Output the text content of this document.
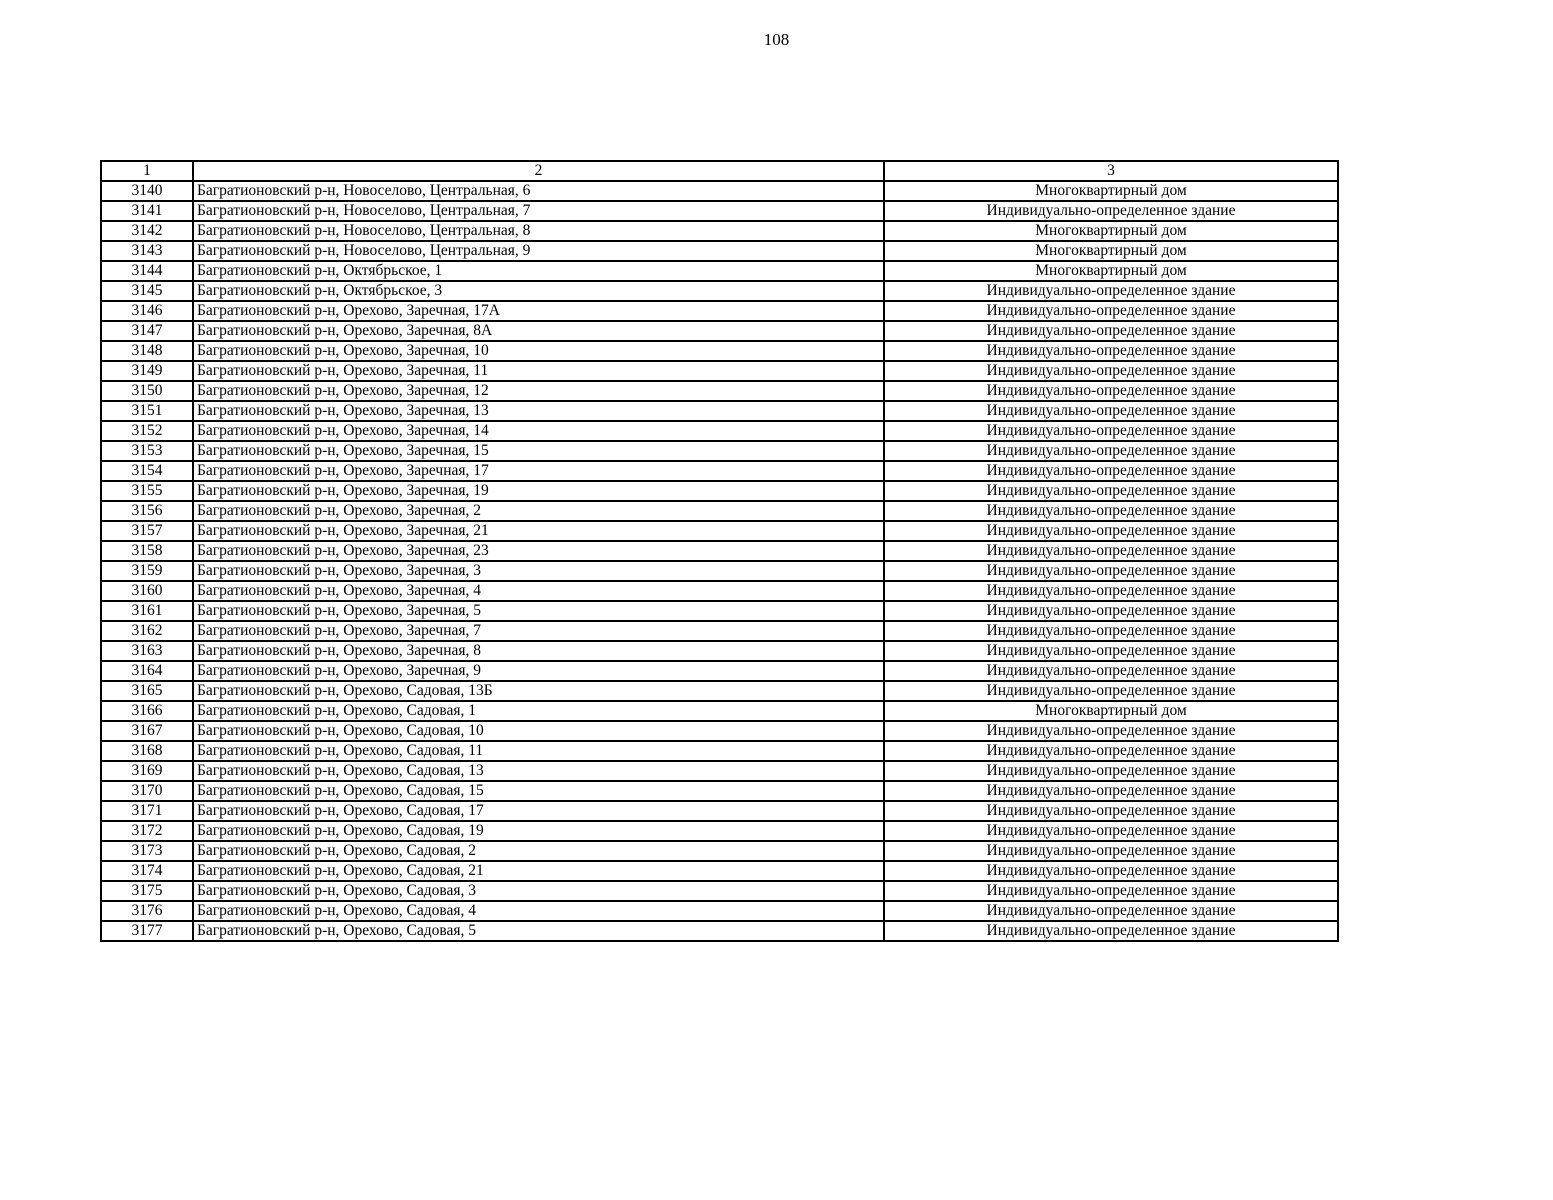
108
1	2	3
3140	Багратионовский р-н, Новоселово, Центральная, 6	Многоквартирный дом
3141	Багратионовский р-н, Новоселово, Центральная, 7	Индивидуально-определенное здание
3142	Багратионовский р-н, Новоселово, Центральная, 8	Многоквартирный дом
3143	Багратионовский р-н, Новоселово, Центральная, 9	Многоквартирный дом
3144	Багратионовский р-н, Октябрьское, 1	Многоквартирный дом
3145	Багратионовский р-н, Октябрьское, 3	Индивидуально-определенное здание
3146	Багратионовский р-н, Орехово, Заречная, 17А	Индивидуально-определенное здание
3147	Багратионовский р-н, Орехово, Заречная, 8А	Индивидуально-определенное здание
3148	Багратионовский р-н, Орехово, Заречная, 10	Индивидуально-определенное здание
3149	Багратионовский р-н, Орехово, Заречная, 11	Индивидуально-определенное здание
3150	Багратионовский р-н, Орехово, Заречная, 12	Индивидуально-определенное здание
3151	Багратионовский р-н, Орехово, Заречная, 13	Индивидуально-определенное здание
3152	Багратионовский р-н, Орехово, Заречная, 14	Индивидуально-определенное здание
3153	Багратионовский р-н, Орехово, Заречная, 15	Индивидуально-определенное здание
3154	Багратионовский р-н, Орехово, Заречная, 17	Индивидуально-определенное здание
3155	Багратионовский р-н, Орехово, Заречная, 19	Индивидуально-определенное здание
3156	Багратионовский р-н, Орехово, Заречная, 2	Индивидуально-определенное здание
3157	Багратионовский р-н, Орехово, Заречная, 21	Индивидуально-определенное здание
3158	Багратионовский р-н, Орехово, Заречная, 23	Индивидуально-определенное здание
3159	Багратионовский р-н, Орехово, Заречная, 3	Индивидуально-определенное здание
3160	Багратионовский р-н, Орехово, Заречная, 4	Индивидуально-определенное здание
3161	Багратионовский р-н, Орехово, Заречная, 5	Индивидуально-определенное здание
3162	Багратионовский р-н, Орехово, Заречная, 7	Индивидуально-определенное здание
3163	Багратионовский р-н, Орехово, Заречная, 8	Индивидуально-определенное здание
3164	Багратионовский р-н, Орехово, Заречная, 9	Индивидуально-определенное здание
3165	Багратионовский р-н, Орехово, Садовая, 13Б	Индивидуально-определенное здание
3166	Багратионовский р-н, Орехово, Садовая, 1	Многоквартирный дом
3167	Багратионовский р-н, Орехово, Садовая, 10	Индивидуально-определенное здание
3168	Багратионовский р-н, Орехово, Садовая, 11	Индивидуально-определенное здание
3169	Багратионовский р-н, Орехово, Садовая, 13	Индивидуально-определенное здание
3170	Багратионовский р-н, Орехово, Садовая, 15	Индивидуально-определенное здание
3171	Багратионовский р-н, Орехово, Садовая, 17	Индивидуально-определенное здание
3172	Багратионовский р-н, Орехово, Садовая, 19	Индивидуально-определенное здание
3173	Багратионовский р-н, Орехово, Садовая, 2	Индивидуально-определенное здание
3174	Багратионовский р-н, Орехово, Садовая, 21	Индивидуально-определенное здание
3175	Багратионовский р-н, Орехово, Садовая, 3	Индивидуально-определенное здание
3176	Багратионовский р-н, Орехово, Садовая, 4	Индивидуально-определенное здание
3177	Багратионовский р-н, Орехово, Садовая, 5	Индивидуально-определенное здание
